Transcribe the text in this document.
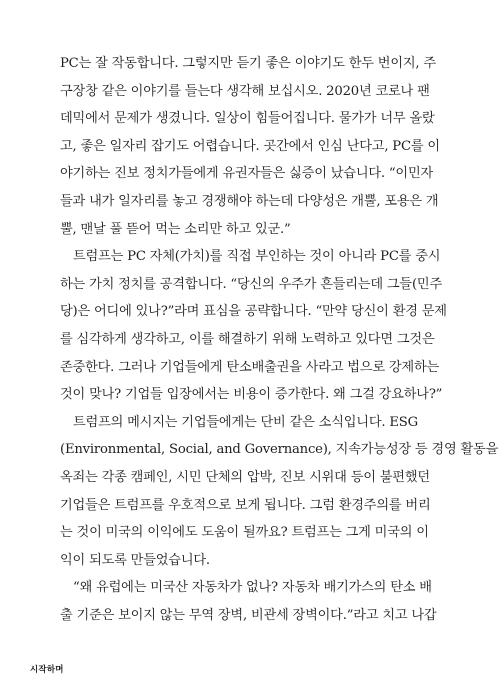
PC는 잘 작동합니다. 그렇지만 듣기 좋은 이야기도 한두 번이지, 주

구장창 같은 이야기를 들는다 생각해 보십시오. 2020년 코로나 팬

데믹에서 문제가 생겼니다. 일상이 힘들어집니다. 물가가 너무 올랐

고, 좋은 일자리 잡기도 어렵습니다. 곳간에서 인심 난다고, PC를 이

야기하는 진보 정치가들에게 유권자들은 싫증이 났습니다. “이민자

들과 내가 일자리를 놓고 경쟁해야 하는데 다양성은 개뿔, 포용은 개

뿔, 맨날 풀 뜯어 먹는 소리만 하고 있군.”

트럼프는 PC 자체(가치)를 직접 부인하는 것이 아니라 PC를 중시

하는 가치 정치를 공격합니다. “당신의 우주가 흔들리는데 그들(민주

당)은 어디에 있나?”라며 표심을 공략합니다. “만약 당신이 환경 문제

를 심각하게 생각하고, 이를 해결하기 위해 노력하고 있다면 그것은

존중한다. 그러나 기업들에게 탄소배출권을 사라고 법으로 강제하는

것이 맞나? 기업들 입장에서는 비용이 증가한다. 왜 그걸 강요하나?”

트럼프의 메시지는 기업들에게는 단비 같은 소식입니다. ESG

(Environmental, Social, and Governance), 지속가능성장 등 경영 활동을

옥죄는 각종 캠페인, 시민 단체의 압박, 진보 시위대 등이 불편했던

기업들은 트럼프를 우호적으로 보게 됩니다. 그럼 환경주의를 버리

는 것이 미국의 이익에도 도움이 될까요? 트럼프는 그게 미국의 이

익이 되도록 만들었습니다.

“왜 유럽에는 미국산 자동차가 없나? 자동차 배기가스의 탄소 배

출 기준은 보이지 않는 무역 장벽, 비관세 장벽이다.”라고 치고 나갑

시작하며
